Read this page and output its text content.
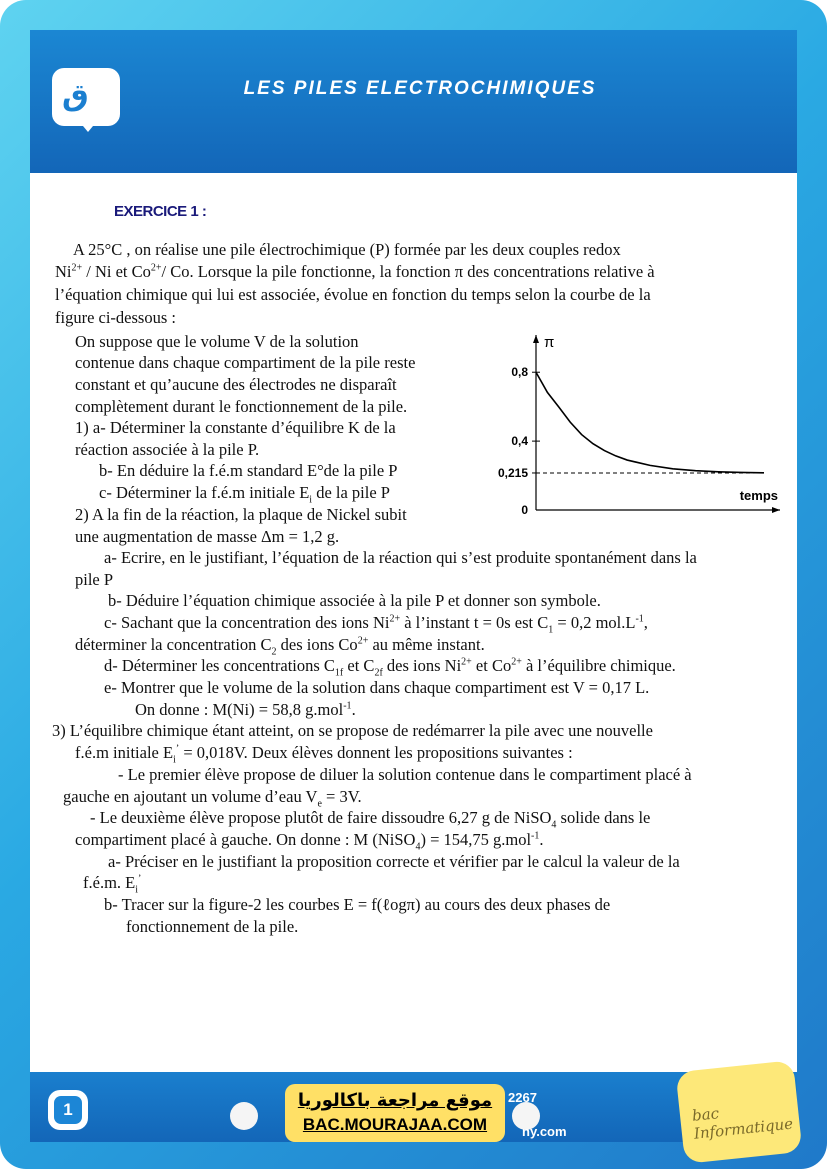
ق	LES PILES ELECTROCHIMIQUES
1	موقع مراجعة باكالوريا
BAC.MOURAJAA.COM
2267
ny.com
bac Informatique
EXERCICE 1 :
A 25°C , on réalise une pile électrochimique (P) formée par les deux couples redox
$Ni^{2+}$ / Ni et $Co^{2+}/$ Co. Lorsque la pile fonctionne, la fonction π des concentrations relative à
l’équation chimique qui lui est associée, évolue en fonction du temps selon la courbe de la
figure ci-dessous :
On suppose que le volume V de la solution
contenue dans chaque compartiment de la pile reste
constant et qu’aucune des électrodes ne disparaît
complètement durant le fonctionnement de la pile.
1) a- Déterminer la constante d’équilibre K de la
réaction associée à la pile P.
b- En déduire la f.é.m standard E°de la pile P
c- Déterminer la f.é.m initiale $E_i$ de la pile P
2) A la fin de la réaction, la plaque de Nickel subit
une augmentation de masse Δm = 1,2 g.
a- Ecrire, en le justifiant, l’équation de la réaction qui s’est produite spontanément dans la
pile P
b- Déduire l’équation chimique associée à la pile P et donner son symbole.
c- Sachant que la concentration des ions $Ni^{2+}$ à l’instant t = 0s est $C_1 = 0,2$ $mol.L^{-1}$,
déterminer la concentration $C_2$ des ions $Co^{2+}$ au même instant.
d- Déterminer les concentrations $C_{1f}$ et $C_{2f}$ des ions $Ni^{2+}$ et $Co^{2+}$ à l’équilibre chimique.
e- Montrer que le volume de la solution dans chaque compartiment est V = 0,17 L.
On donne : M(Ni) = 58,8 g.mol$^{-1}$.
3) L’équilibre chimique étant atteint, on se propose de redémarrer la pile avec une nouvelle
f.é.m initiale $E_i^’ = 0,018V$. Deux élèves donnent les propositions suivantes :
- Le premier élève propose de diluer la solution contenue dans le compartiment placé à
gauche en ajoutant un volume d’eau $V_e = 3V$.
- Le deuxième élève propose plutôt de faire dissoudre 6,27 g de NiSO$_4$ solide dans le
compartiment placé à gauche. On donne : M (NiSO$_4$) = 154,75 g.mol$^{-1}$.
a- Préciser en le justifiant la proposition correcte et vérifier par le calcul la valeur de la
f.é.m. $E_i^’$
b- Tracer sur la figure-2 les courbes E = f(ℓogπ) au cours des deux phases de
fonctionnement de la pile.
π
temps
0
0,215
0,4
0,8
